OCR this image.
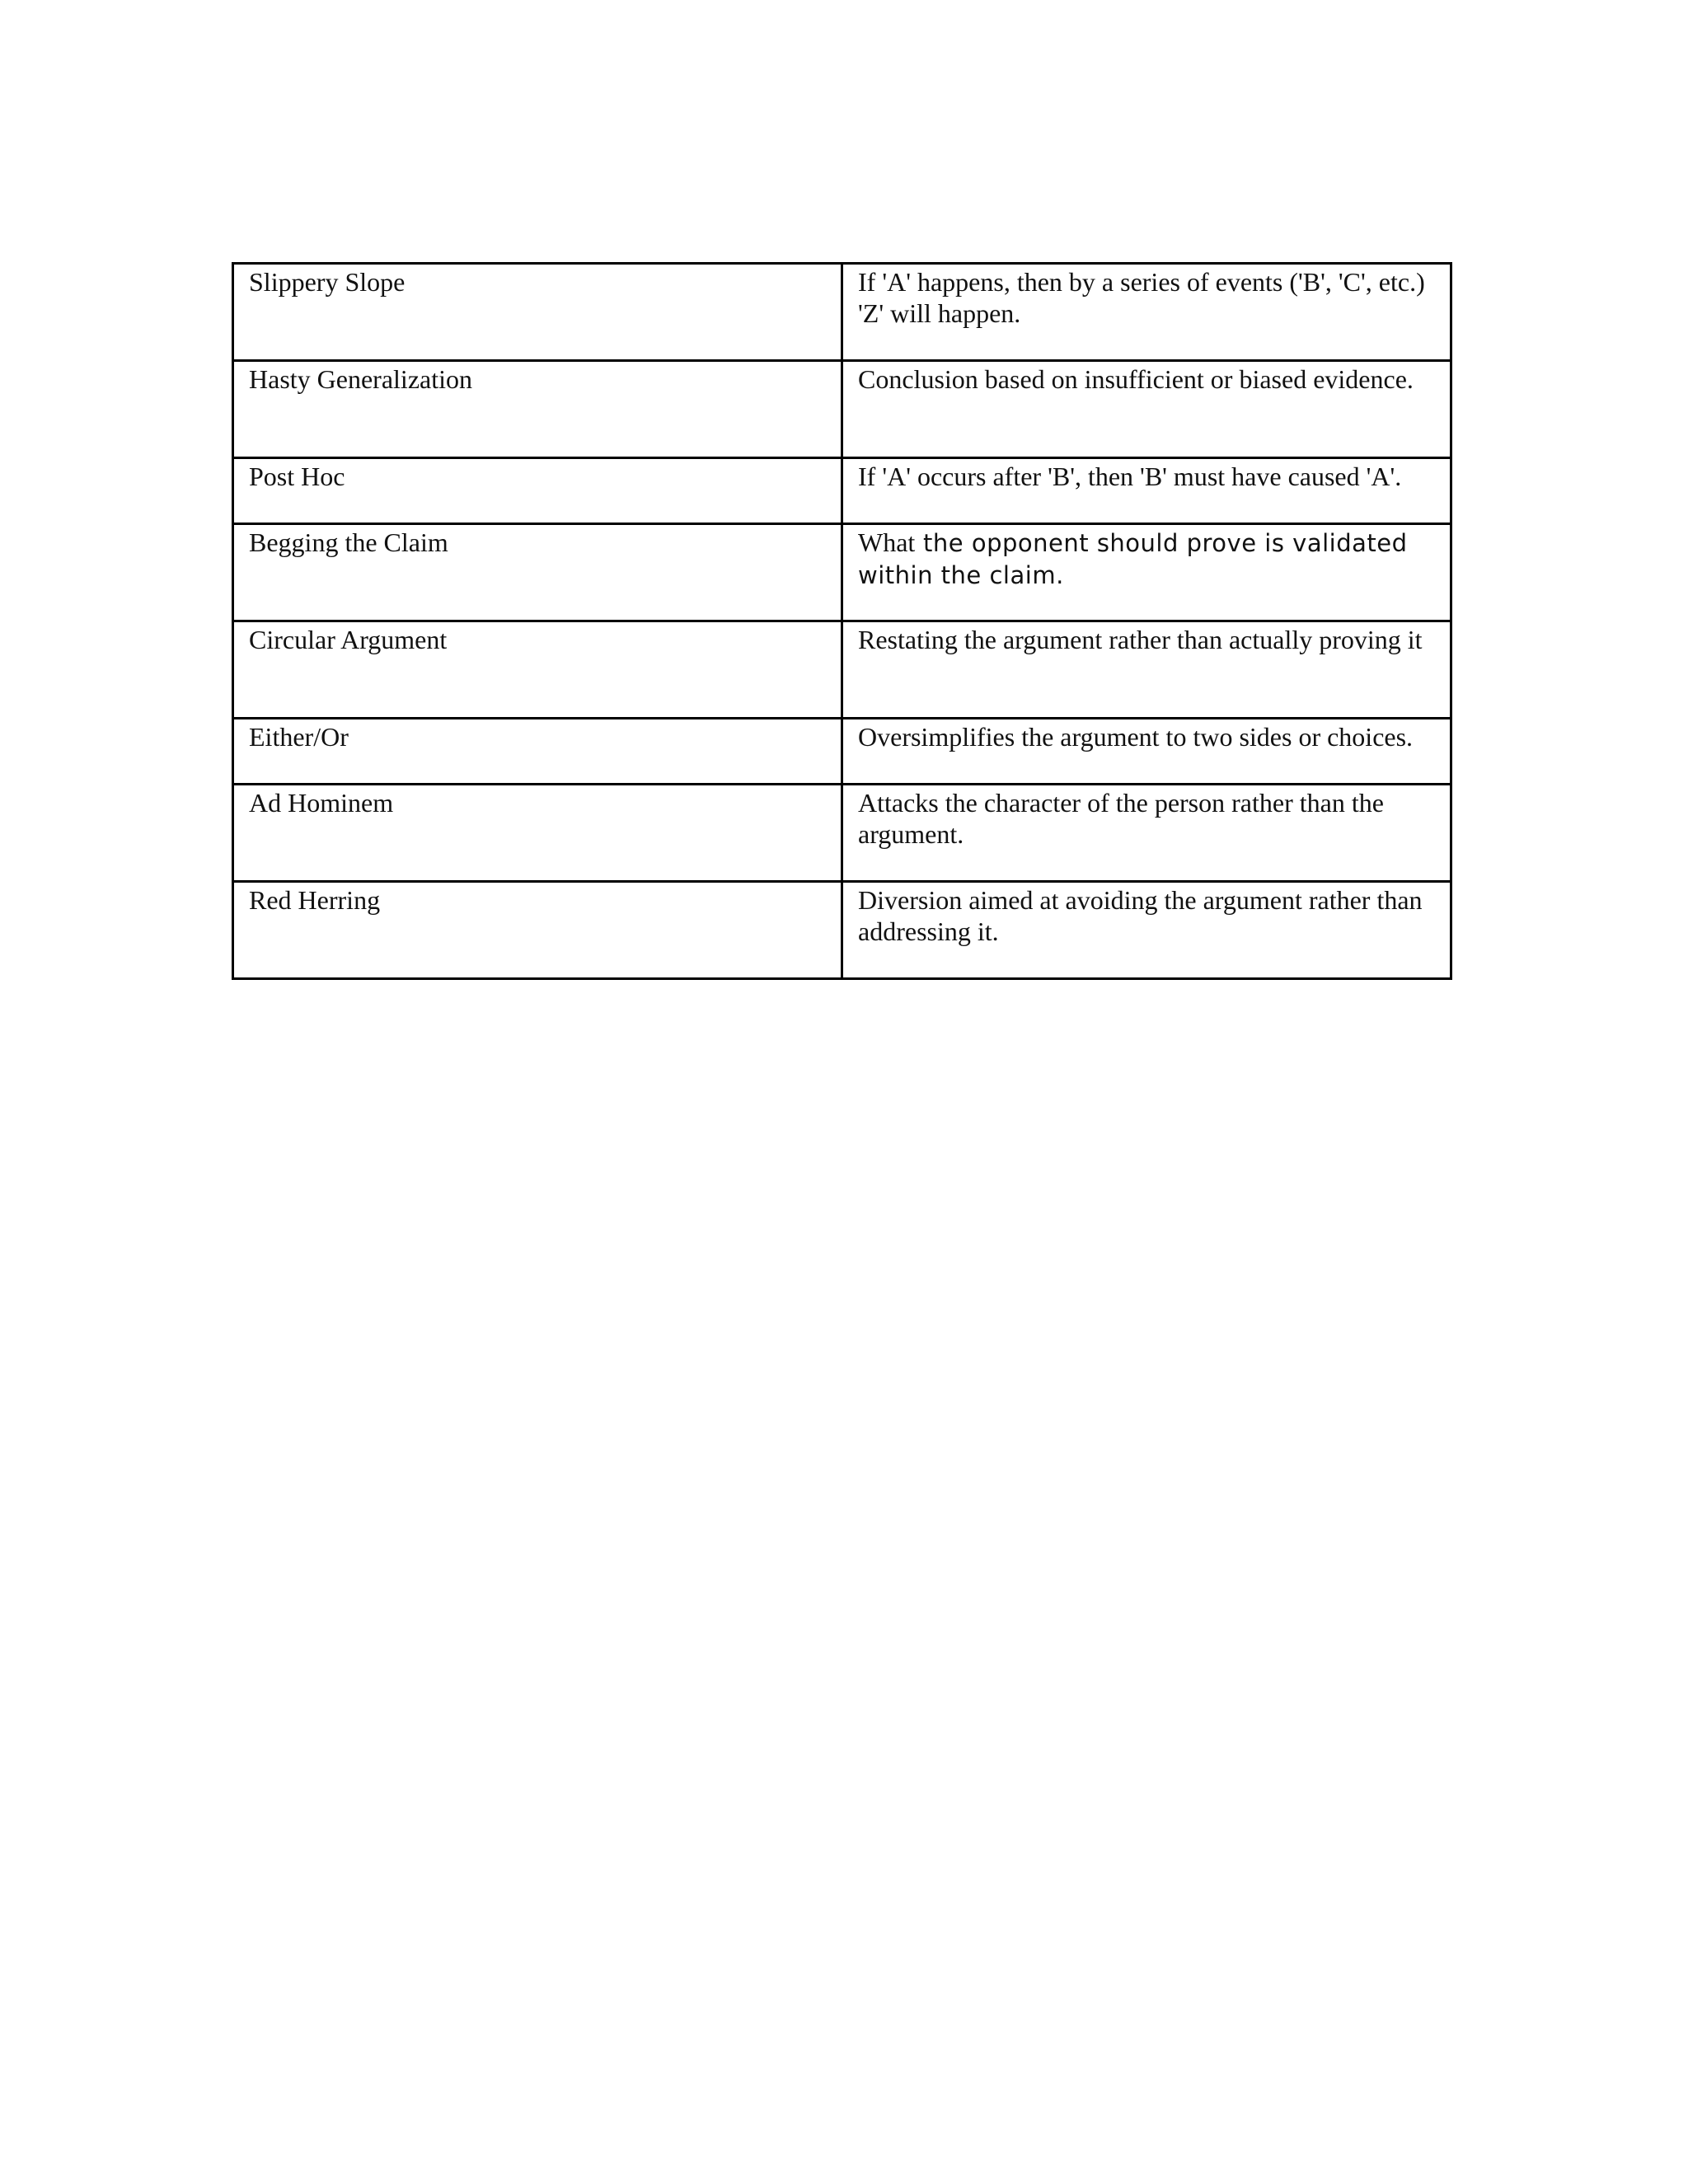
Slippery Slope	If 'A' happens, then by a series of events ('B', 'C', etc.) 'Z' will happen.
Hasty Generalization	Conclusion based on insufficient or biased evidence.
Post Hoc	If 'A' occurs after 'B', then 'B' must have caused 'A'.
Begging the Claim	What the opponent should prove is validated within the claim.
Circular Argument	Restating the argument rather than actually proving it
Either/Or	Oversimplifies the argument to two sides or choices.
Ad Hominem	Attacks the character of the person rather than the argument.
Red Herring	Diversion aimed at avoiding the argument rather than addressing it.
